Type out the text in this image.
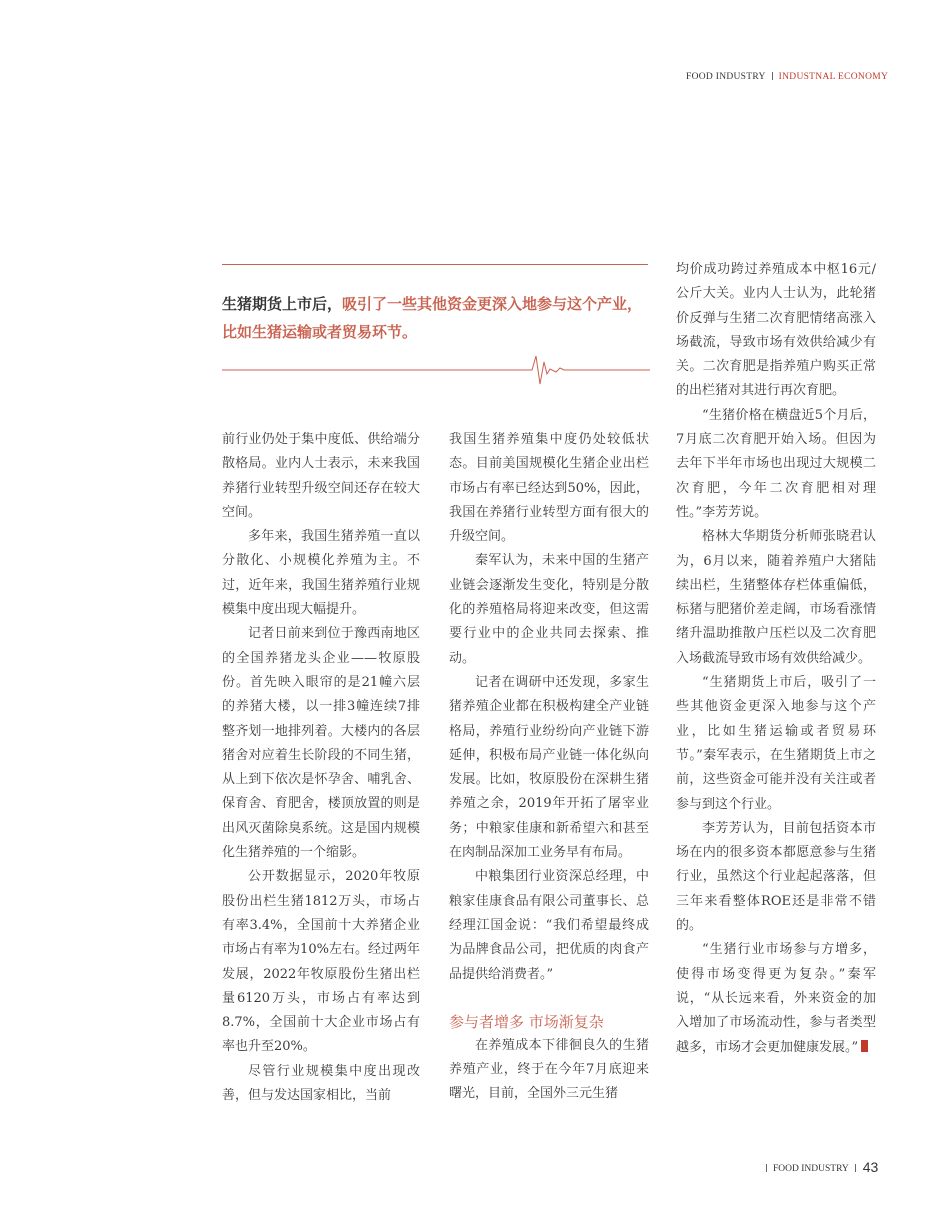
FOOD INDUSTRY INDUSTNAL ECONOMY
生猪期货上市后，吸引了一些其他资金更深入地参与这个产业，
比如生猪运输或者贸易环节。

前行业仍处于集中度低、供给端分散格局。业内人士表示，未来我国养猪行业转型升级空间还存在较大空间。

多年来，我国生猪养殖一直以分散化、小规模化养殖为主。不过，近年来，我国生猪养殖行业规模集中度出现大幅提升。

记者日前来到位于豫西南地区的全国养猪龙头企业——牧原股份。首先映入眼帘的是21幢六层的养猪大楼，以一排3幢连续7排整齐划一地排列着。大楼内的各层猪舍对应着生长阶段的不同生猪，从上到下依次是怀孕舍、哺乳舍、保育舍、育肥舍，楼顶放置的则是出风灭菌除臭系统。这是国内规模化生猪养殖的一个缩影。

公开数据显示，2020年牧原股份出栏生猪1812万头，市场占有率3.4%，全国前十大养猪企业市场占有率为10%左右。经过两年发展，2022年牧原股份生猪出栏量6120万头，市场占有率达到8.7%，全国前十大企业市场占有率也升至20%。

尽管行业规模集中度出现改善，但与发达国家相比，当前

我国生猪养殖集中度仍处较低状态。目前美国规模化生猪企业出栏市场占有率已经达到50%，因此，我国在养猪行业转型方面有很大的升级空间。

秦军认为，未来中国的生猪产业链会逐渐发生变化，特别是分散化的养殖格局将迎来改变，但这需要行业中的企业共同去探索、推动。

记者在调研中还发现，多家生猪养殖企业都在积极构建全产业链格局，养殖行业纷纷向产业链下游延伸，积极布局产业链一体化纵向发展。比如，牧原股份在深耕生猪养殖之余，2019年开拓了屠宰业务；中粮家佳康和新希望六和甚至在肉制品深加工业务早有布局。

中粮集团行业资深总经理，中粮家佳康食品有限公司董事长、总经理江国金说：“我们希望最终成为品牌食品公司，把优质的肉食产品提供给消费者。”

参与者增多 市场渐复杂

在养殖成本下徘徊良久的生猪养殖产业，终于在今年7月底迎来曙光，目前，全国外三元生猪

均价成功跨过养殖成本中枢16元/公斤大关。业内人士认为，此轮猪价反弹与生猪二次育肥情绪高涨入场截流，导致市场有效供给减少有关。二次育肥是指养殖户购买正常的出栏猪对其进行再次育肥。

“生猪价格在横盘近5个月后，7月底二次育肥开始入场。但因为去年下半年市场也出现过大规模二次育肥，今年二次育肥相对理性。”李芳芳说。

格林大华期货分析师张晓君认为，6月以来，随着养殖户大猪陆续出栏，生猪整体存栏体重偏低，标猪与肥猪价差走阔，市场看涨情绪升温助推散户压栏以及二次育肥入场截流导致市场有效供给减少。

“生猪期货上市后，吸引了一些其他资金更深入地参与这个产业，比如生猪运输或者贸易环节。”秦军表示，在生猪期货上市之前，这些资金可能并没有关注或者参与到这个行业。

李芳芳认为，目前包括资本市场在内的很多资本都愿意参与生猪行业，虽然这个行业起起落落，但三年来看整体ROE还是非常不错的。

“生猪行业市场参与方增多，使得市场变得更为复杂。”秦军说，“从长远来看，外来资金的加入增加了市场流动性，参与者类型越多，市场才会更加健康发展。”

FOOD INDUSTRY 43
